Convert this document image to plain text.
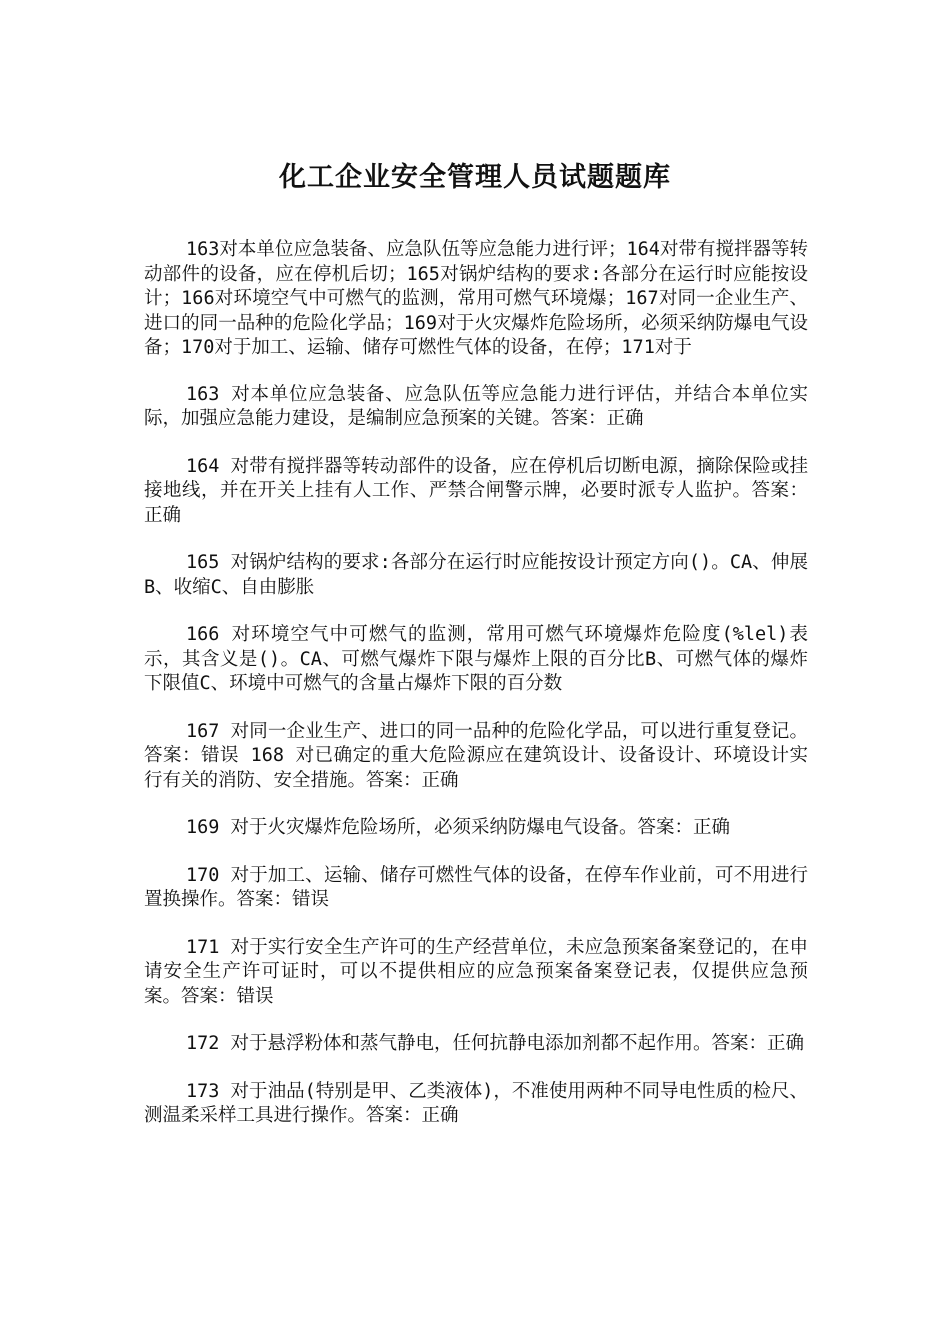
化工企业安全管理人员试题题库

163对本单位应急装备、应急队伍等应急能力进行评；164对带有搅拌器等转动部件的设备，应在停机后切；165对锅炉结构的要求:各部分在运行时应能按设计；166对环境空气中可燃气的监测，常用可燃气环境爆；167对同一企业生产、进口的同一品种的危险化学品；169对于火灾爆炸危险场所，必须采纳防爆电气设备；170对于加工、运输、储存可燃性气体的设备，在停；171对于

163 对本单位应急装备、应急队伍等应急能力进行评估，并结合本单位实际，加强应急能力建设，是编制应急预案的关键。答案：正确

164 对带有搅拌器等转动部件的设备，应在停机后切断电源，摘除保险或挂接地线，并在开关上挂有人工作、严禁合闸警示牌，必要时派专人监护。答案：正确

165 对锅炉结构的要求:各部分在运行时应能按设计预定方向()。CA、伸展B、收缩C、自由膨胀

166 对环境空气中可燃气的监测，常用可燃气环境爆炸危险度(%lel)表示，其含义是()。CA、可燃气爆炸下限与爆炸上限的百分比B、可燃气体的爆炸下限值C、环境中可燃气的含量占爆炸下限的百分数

167 对同一企业生产、进口的同一品种的危险化学品，可以进行重复登记。答案：错误 168 对已确定的重大危险源应在建筑设计、设备设计、环境设计实行有关的消防、安全措施。答案：正确

169 对于火灾爆炸危险场所，必须采纳防爆电气设备。答案：正确

170 对于加工、运输、储存可燃性气体的设备，在停车作业前，可不用进行置换操作。答案：错误

171 对于实行安全生产许可的生产经营单位，未应急预案备案登记的，在申请安全生产许可证时，可以不提供相应的应急预案备案登记表，仅提供应急预案。答案：错误

172 对于悬浮粉体和蒸气静电，任何抗静电添加剂都不起作用。答案：正确

173 对于油品(特别是甲、乙类液体)，不准使用两种不同导电性质的检尺、测温柔采样工具进行操作。答案：正确
